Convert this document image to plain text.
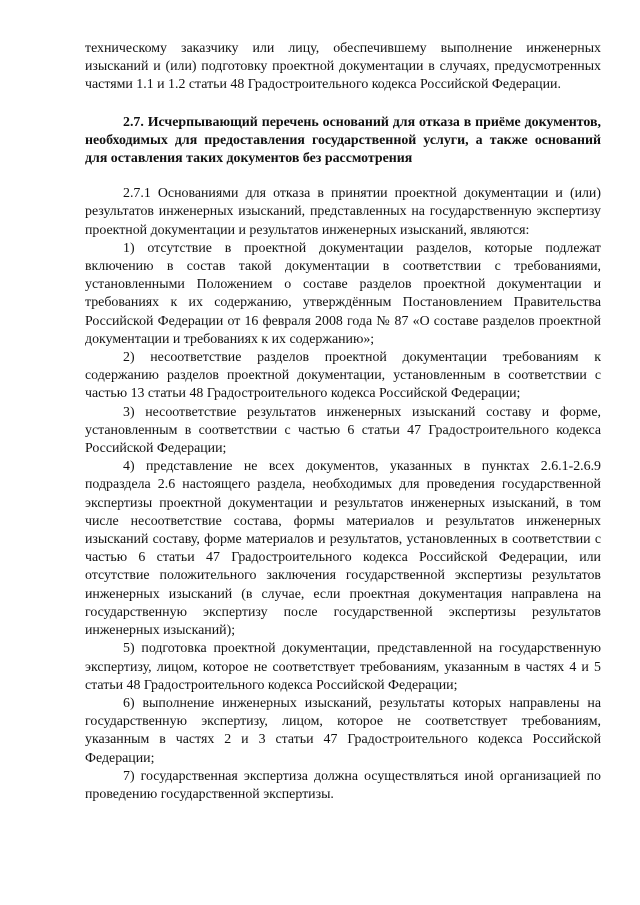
техническому заказчику или лицу, обеспечившему выполнение инженерных изысканий и (или) подготовку проектной документации в случаях, предусмотренных частями 1.1 и 1.2 статьи 48 Градостроительного кодекса Российской Федерации.

2.7. Исчерпывающий перечень оснований для отказа в приёме документов, необходимых для предоставления государственной услуги, а также оснований для оставления таких документов без рассмотрения

2.7.1 Основаниями для отказа в принятии проектной документации и (или) результатов инженерных изысканий, представленных на государственную экспертизу проектной документации и результатов инженерных изысканий, являются:

1) отсутствие в проектной документации разделов, которые подлежат включению в состав такой документации в соответствии с требованиями, установленными Положением о составе разделов проектной документации и требованиях к их содержанию, утверждённым Постановлением Правительства Российской Федерации от 16 февраля 2008 года № 87 «О составе разделов проектной документации и требованиях к их содержанию»;

2) несоответствие разделов проектной документации требованиям к содержанию разделов проектной документации, установленным в соответствии с частью 13 статьи 48 Градостроительного кодекса Российской Федерации;

3) несоответствие результатов инженерных изысканий составу и форме, установленным в соответствии с частью 6 статьи 47 Градостроительного кодекса Российской Федерации;

4) представление не всех документов, указанных в пунктах 2.6.1-2.6.9 подраздела 2.6 настоящего раздела, необходимых для проведения государственной экспертизы проектной документации и результатов инженерных изысканий, в том числе несоответствие состава, формы материалов и результатов инженерных изысканий составу, форме материалов и результатов, установленных в соответствии с частью 6 статьи 47 Градостроительного кодекса Российской Федерации, или отсутствие положительного заключения государственной экспертизы результатов инженерных изысканий (в случае, если проектная документация направлена на государственную экспертизу после государственной экспертизы результатов инженерных изысканий);

5) подготовка проектной документации, представленной на государственную экспертизу, лицом, которое не соответствует требованиям, указанным в частях 4 и 5 статьи 48 Градостроительного кодекса Российской Федерации;

6) выполнение инженерных изысканий, результаты которых направлены на государственную экспертизу, лицом, которое не соответствует требованиям, указанным в частях 2 и 3 статьи 47 Градостроительного кодекса Российской Федерации;

7) государственная экспертиза должна осуществляться иной организацией по проведению государственной экспертизы.
